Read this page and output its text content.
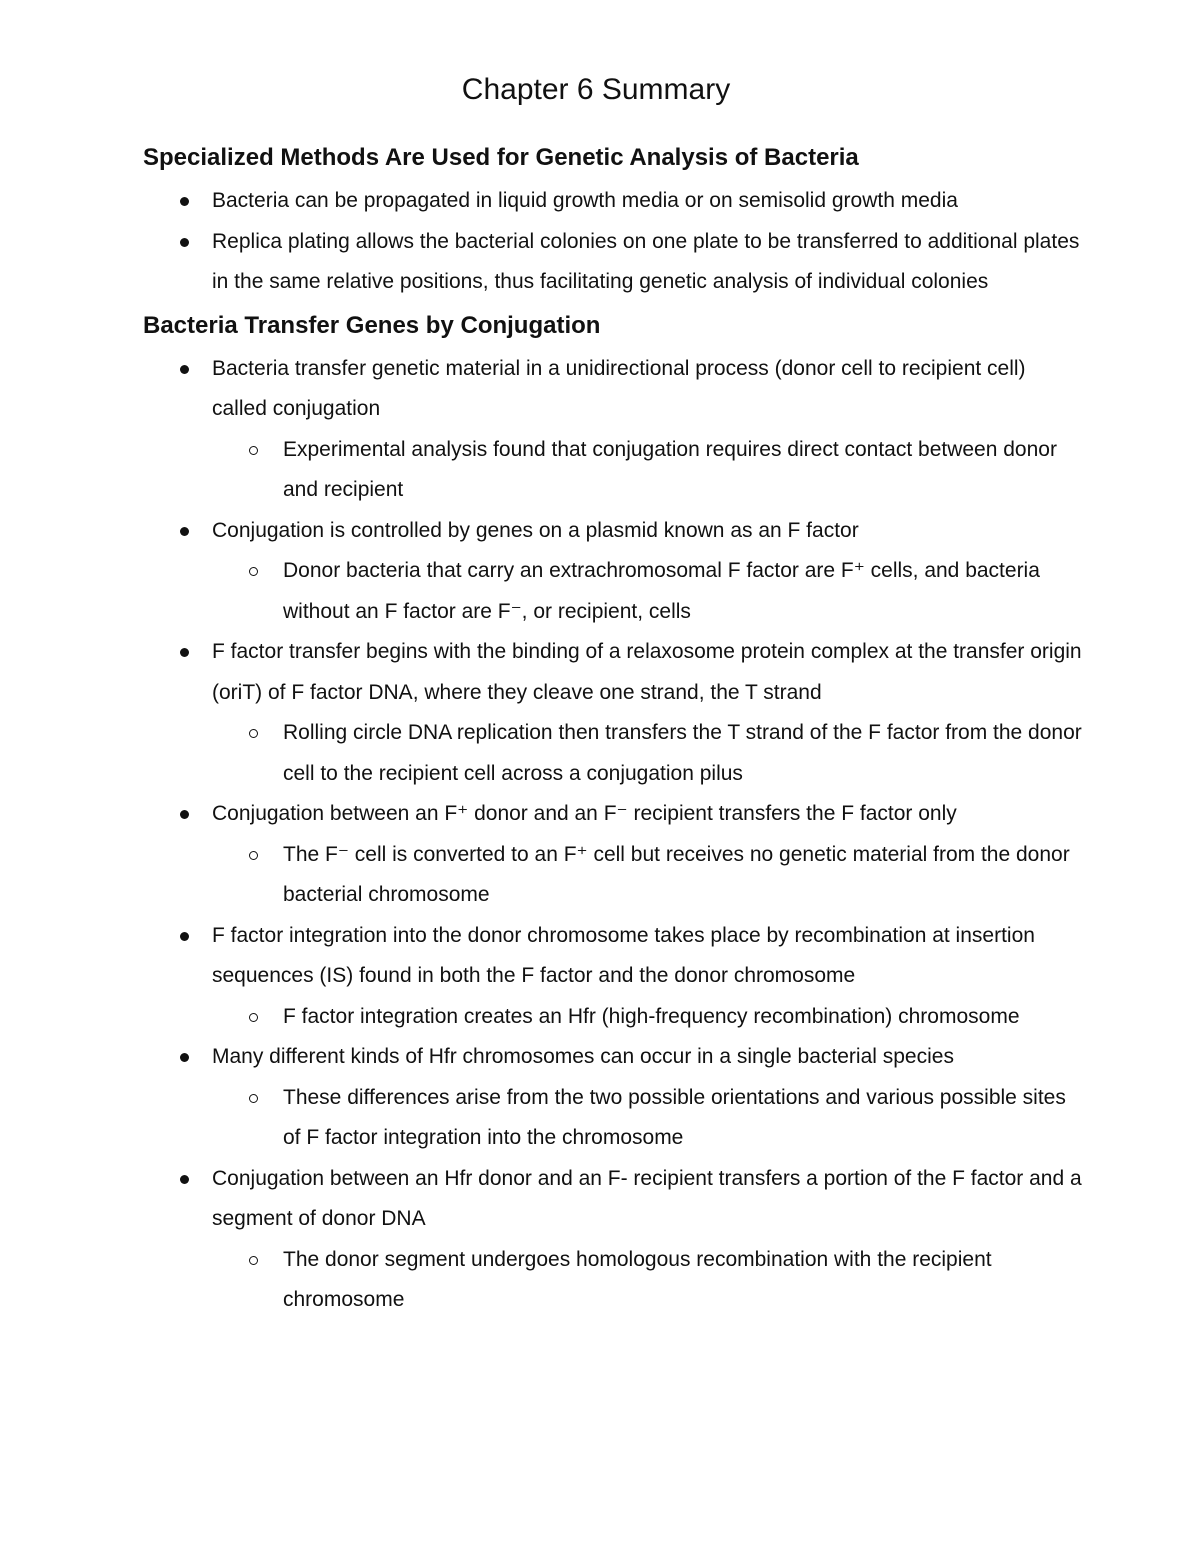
Chapter 6 Summary
Specialized Methods Are Used for Genetic Analysis of Bacteria
Bacteria can be propagated in liquid growth media or on semisolid growth media
Replica plating allows the bacterial colonies on one plate to be transferred to additional plates in the same relative positions, thus facilitating genetic analysis of individual colonies
Bacteria Transfer Genes by Conjugation
Bacteria transfer genetic material in a unidirectional process (donor cell to recipient cell) called conjugation
Experimental analysis found that conjugation requires direct contact between donor and recipient
Conjugation is controlled by genes on a plasmid known as an F factor
Donor bacteria that carry an extrachromosomal F factor are F⁺ cells, and bacteria without an F factor are F⁻, or recipient, cells
F factor transfer begins with the binding of a relaxosome protein complex at the transfer origin (oriT) of F factor DNA, where they cleave one strand, the T strand
Rolling circle DNA replication then transfers the T strand of the F factor from the donor cell to the recipient cell across a conjugation pilus
Conjugation between an F⁺ donor and an F⁻ recipient transfers the F factor only
The F⁻ cell is converted to an F⁺ cell but receives no genetic material from the donor bacterial chromosome
F factor integration into the donor chromosome takes place by recombination at insertion sequences (IS) found in both the F factor and the donor chromosome
F factor integration creates an Hfr (high-frequency recombination) chromosome
Many different kinds of Hfr chromosomes can occur in a single bacterial species
These differences arise from the two possible orientations and various possible sites of F factor integration into the chromosome
Conjugation between an Hfr donor and an F- recipient transfers a portion of the F factor and a segment of donor DNA
The donor segment undergoes homologous recombination with the recipient chromosome
